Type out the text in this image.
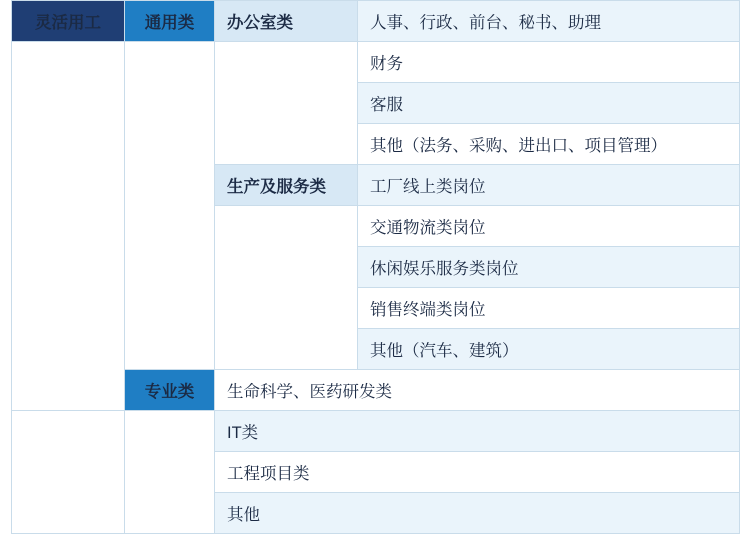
灵活用工	通用类	办公室类	人事、行政、前台、秘书、助理
			财务
			客服
			其他（法务、采购、进出口、项目管理）
		生产及服务类	工厂线上类岗位
			交通物流类岗位
			休闲娱乐服务类岗位
			销售终端类岗位
			其他（汽车、建筑）
	专业类	生命科学、医药研发类	
		IT类	
		工程项目类	
		其他	
